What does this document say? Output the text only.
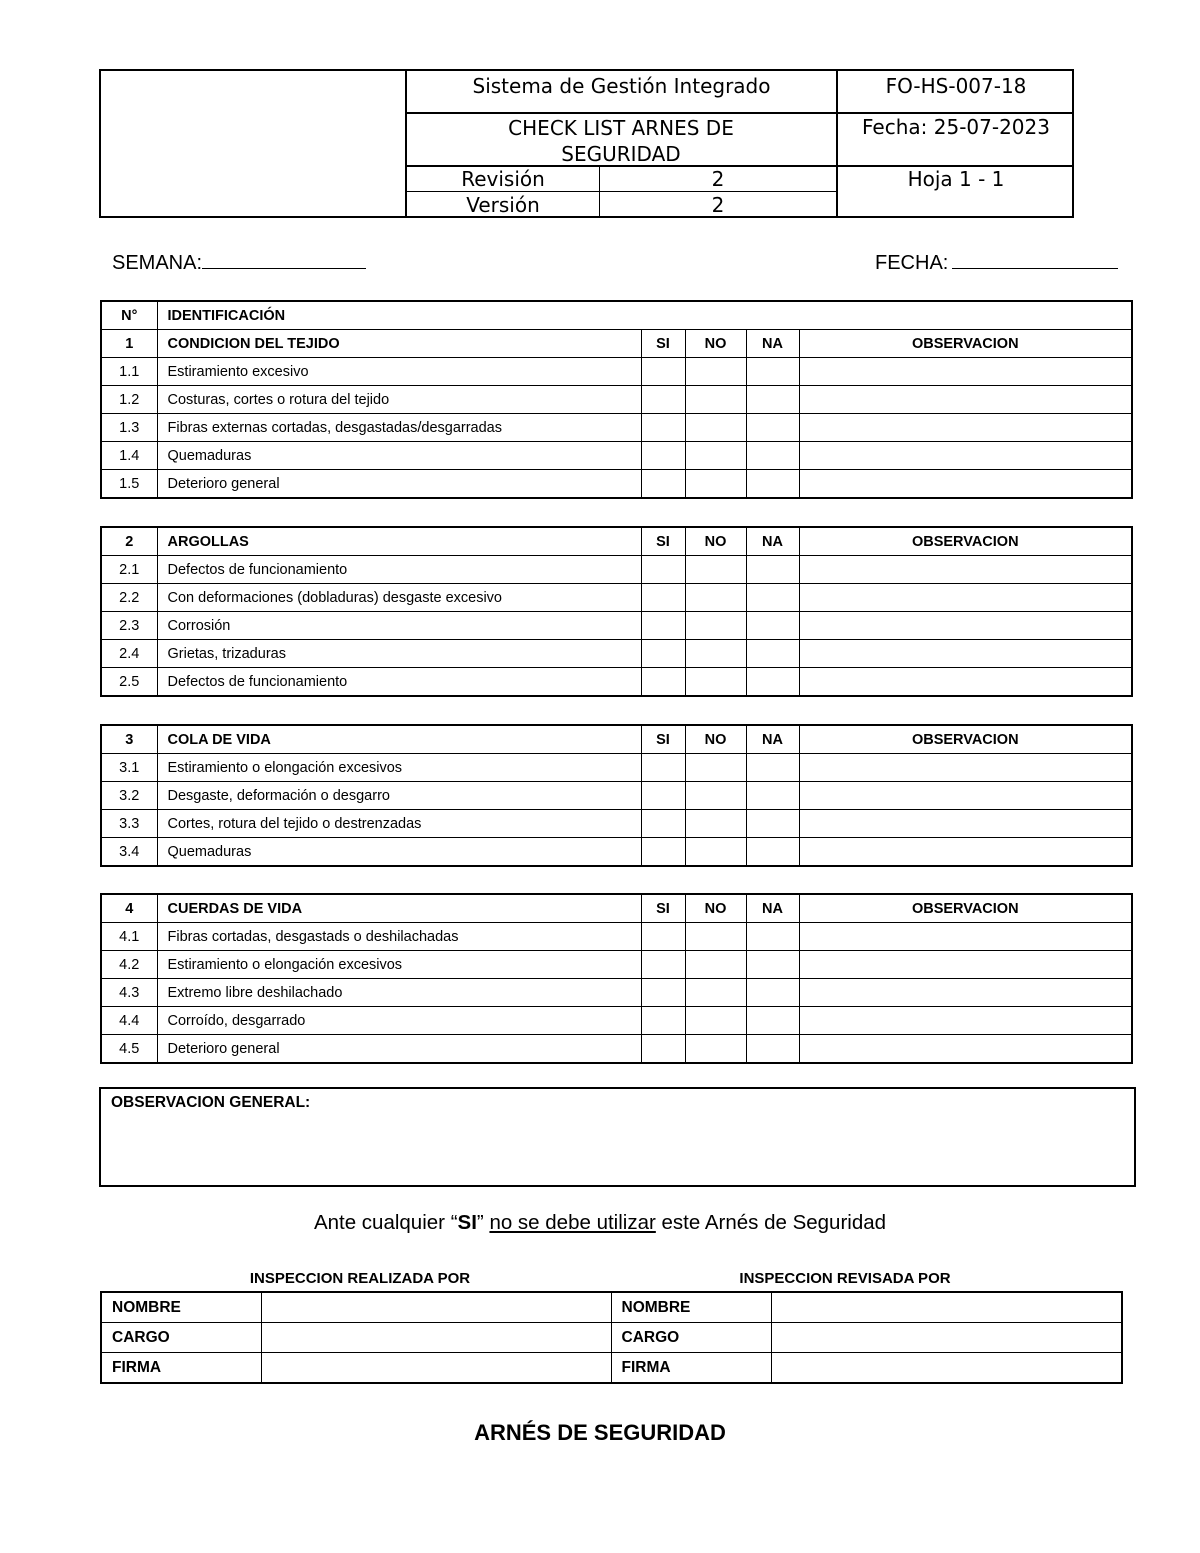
Sistema de Gestión Integrado	FO-HS-007-18
CHECK LIST ARNES DE SEGURIDAD
Fecha: 25-07-2023
Revisión	2
Versión	2
Hoja 1 - 1
SEMANA:	FECHA:
N°	IDENTIFICACIÓN				
1	CONDICION DEL TEJIDO	SI	NO	NA	OBSERVACION
1.1	Estiramiento excesivo				
1.2	Costuras, cortes o rotura del tejido				
1.3	Fibras externas cortadas, desgastadas/desgarradas				
1.4	Quemaduras				
1.5	Deterioro general				
2	ARGOLLAS	SI	NO	NA	OBSERVACION
2.1	Defectos de funcionamiento				
2.2	Con deformaciones (dobladuras) desgaste excesivo				
2.3	Corrosión				
2.4	Grietas, trizaduras				
2.5	Defectos de funcionamiento				
3	COLA DE VIDA	SI	NO	NA	OBSERVACION
3.1	Estiramiento o elongación excesivos				
3.2	Desgaste, deformación o desgarro				
3.3	Cortes, rotura del tejido o destrenzadas				
3.4	Quemaduras				
4	CUERDAS DE VIDA	SI	NO	NA	OBSERVACION
4.1	Fibras cortadas, desgastads o deshilachadas				
4.2	Estiramiento o elongación excesivos				
4.3	Extremo libre deshilachado				
4.4	Corroído, desgarrado				
4.5	Deterioro general				
OBSERVACION GENERAL:
Ante cualquier “SI” no se debe utilizar este Arnés de Seguridad
INSPECCION REALIZADA POR	INSPECCION REVISADA POR
NOMBRE		NOMBRE	
CARGO		CARGO	
FIRMA		FIRMA	
ARNÉS DE SEGURIDAD
